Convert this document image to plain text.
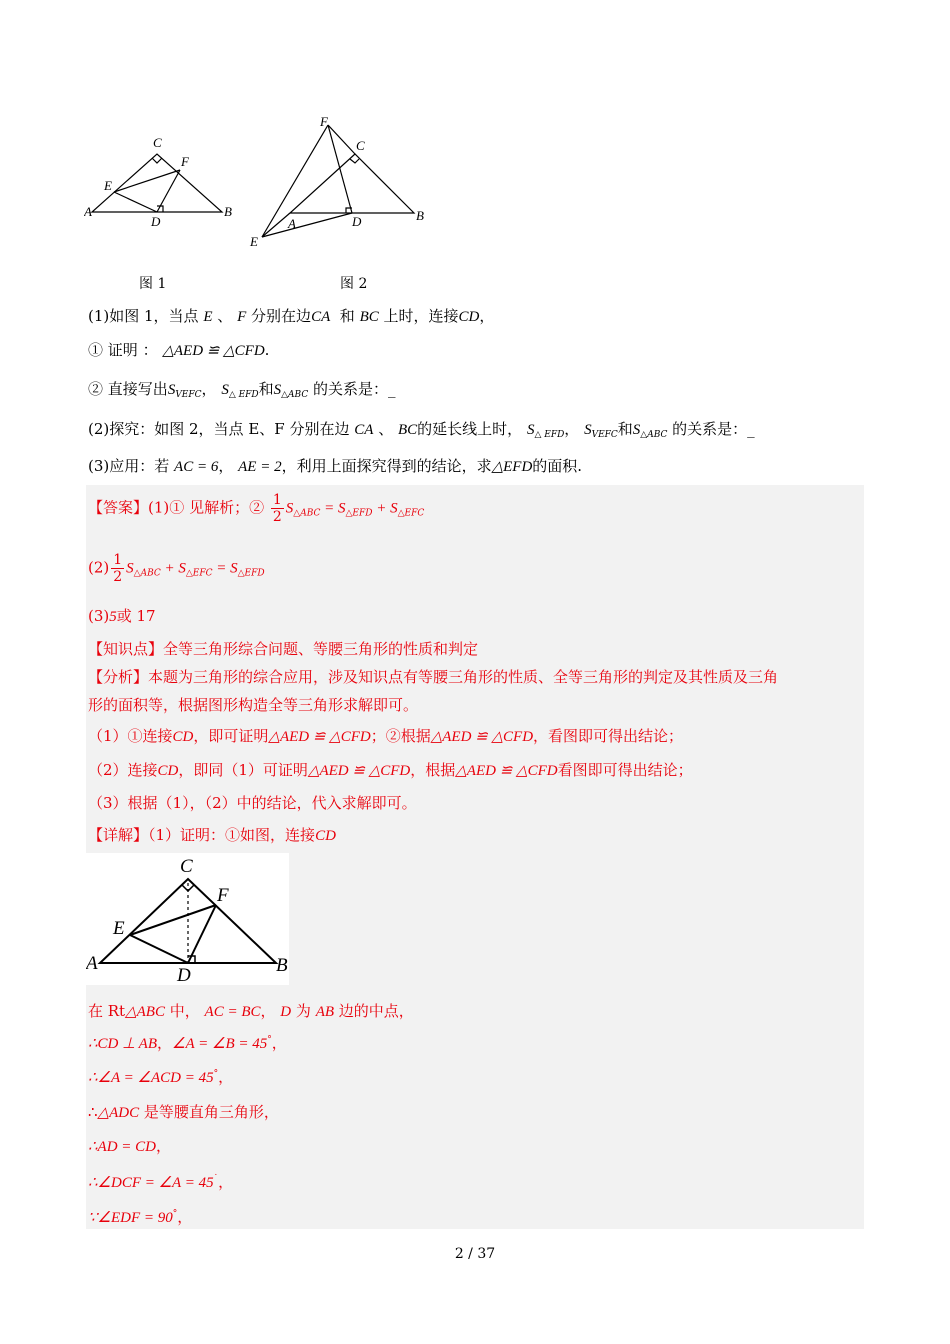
A	B
C
D
E
F
A
B
C
D
E
F
图 1	图 2
(1)如图 1，当点 E 、 F 分别在边CA 和 BC 上时，连接CD，
① 证明 ： △AED ≌ △CFD.
② 直接写出$S_{VEFC}$， $S_{\triangle EFD}$和$S_{\triangle ABC}$ 的关系是：_
(2)探究：如图 2，当点 E、F 分别在边 CA 、 BC的延长线上时， $S_{\triangle EFD}$， $S_{VEFC}$和$S_{\triangle ABC}$ 的关系是：_
(3)应用：若 AC = 6， AE = 2，利用上面探究得到的结论，求△EFD的面积.
【答案】(1)① 见解析；② $\frac{1}{2} S_{\triangle ABC} = S_{\triangle EFD} + S_{\triangle EFC}$
$(2) \frac{1}{2} S_{\triangle ABC} + S_{\triangle EFC} = S_{\triangle EFD}$
(3)5或 17
【知识点】全等三角形综合问题、等腰三角形的性质和判定
【分析】本题为三角形的综合应用，涉及知识点有等腰三角形的性质、全等三角形的判定及其性质及三角
形的面积等，根据图形构造全等三角形求解即可。
（1）①连接CD，即可证明△AED ≌ △CFD；②根据△AED ≌ △CFD，看图即可得出结论；
（2）连接CD，即同（1）可证明△AED ≌ △CFD，根据△AED ≌ △CFD看图即可得出结论；
（3）根据（1），（2）中的结论，代入求解即可。
【详解】（1）证明：①如图，连接CD
A	B
C
D
E
F
在 Rt△ABC 中， AC = BC， D 为 AB 边的中点，
∴CD ⊥ AB，∠A = ∠B = 45°，
∴∠A = ∠ACD = 45°，
∴△ADC 是等腰直角三角形，
∴AD = CD，
∴∠DCF = ∠A = 45˙，
∵∠EDF = 90°，
2 / 37
